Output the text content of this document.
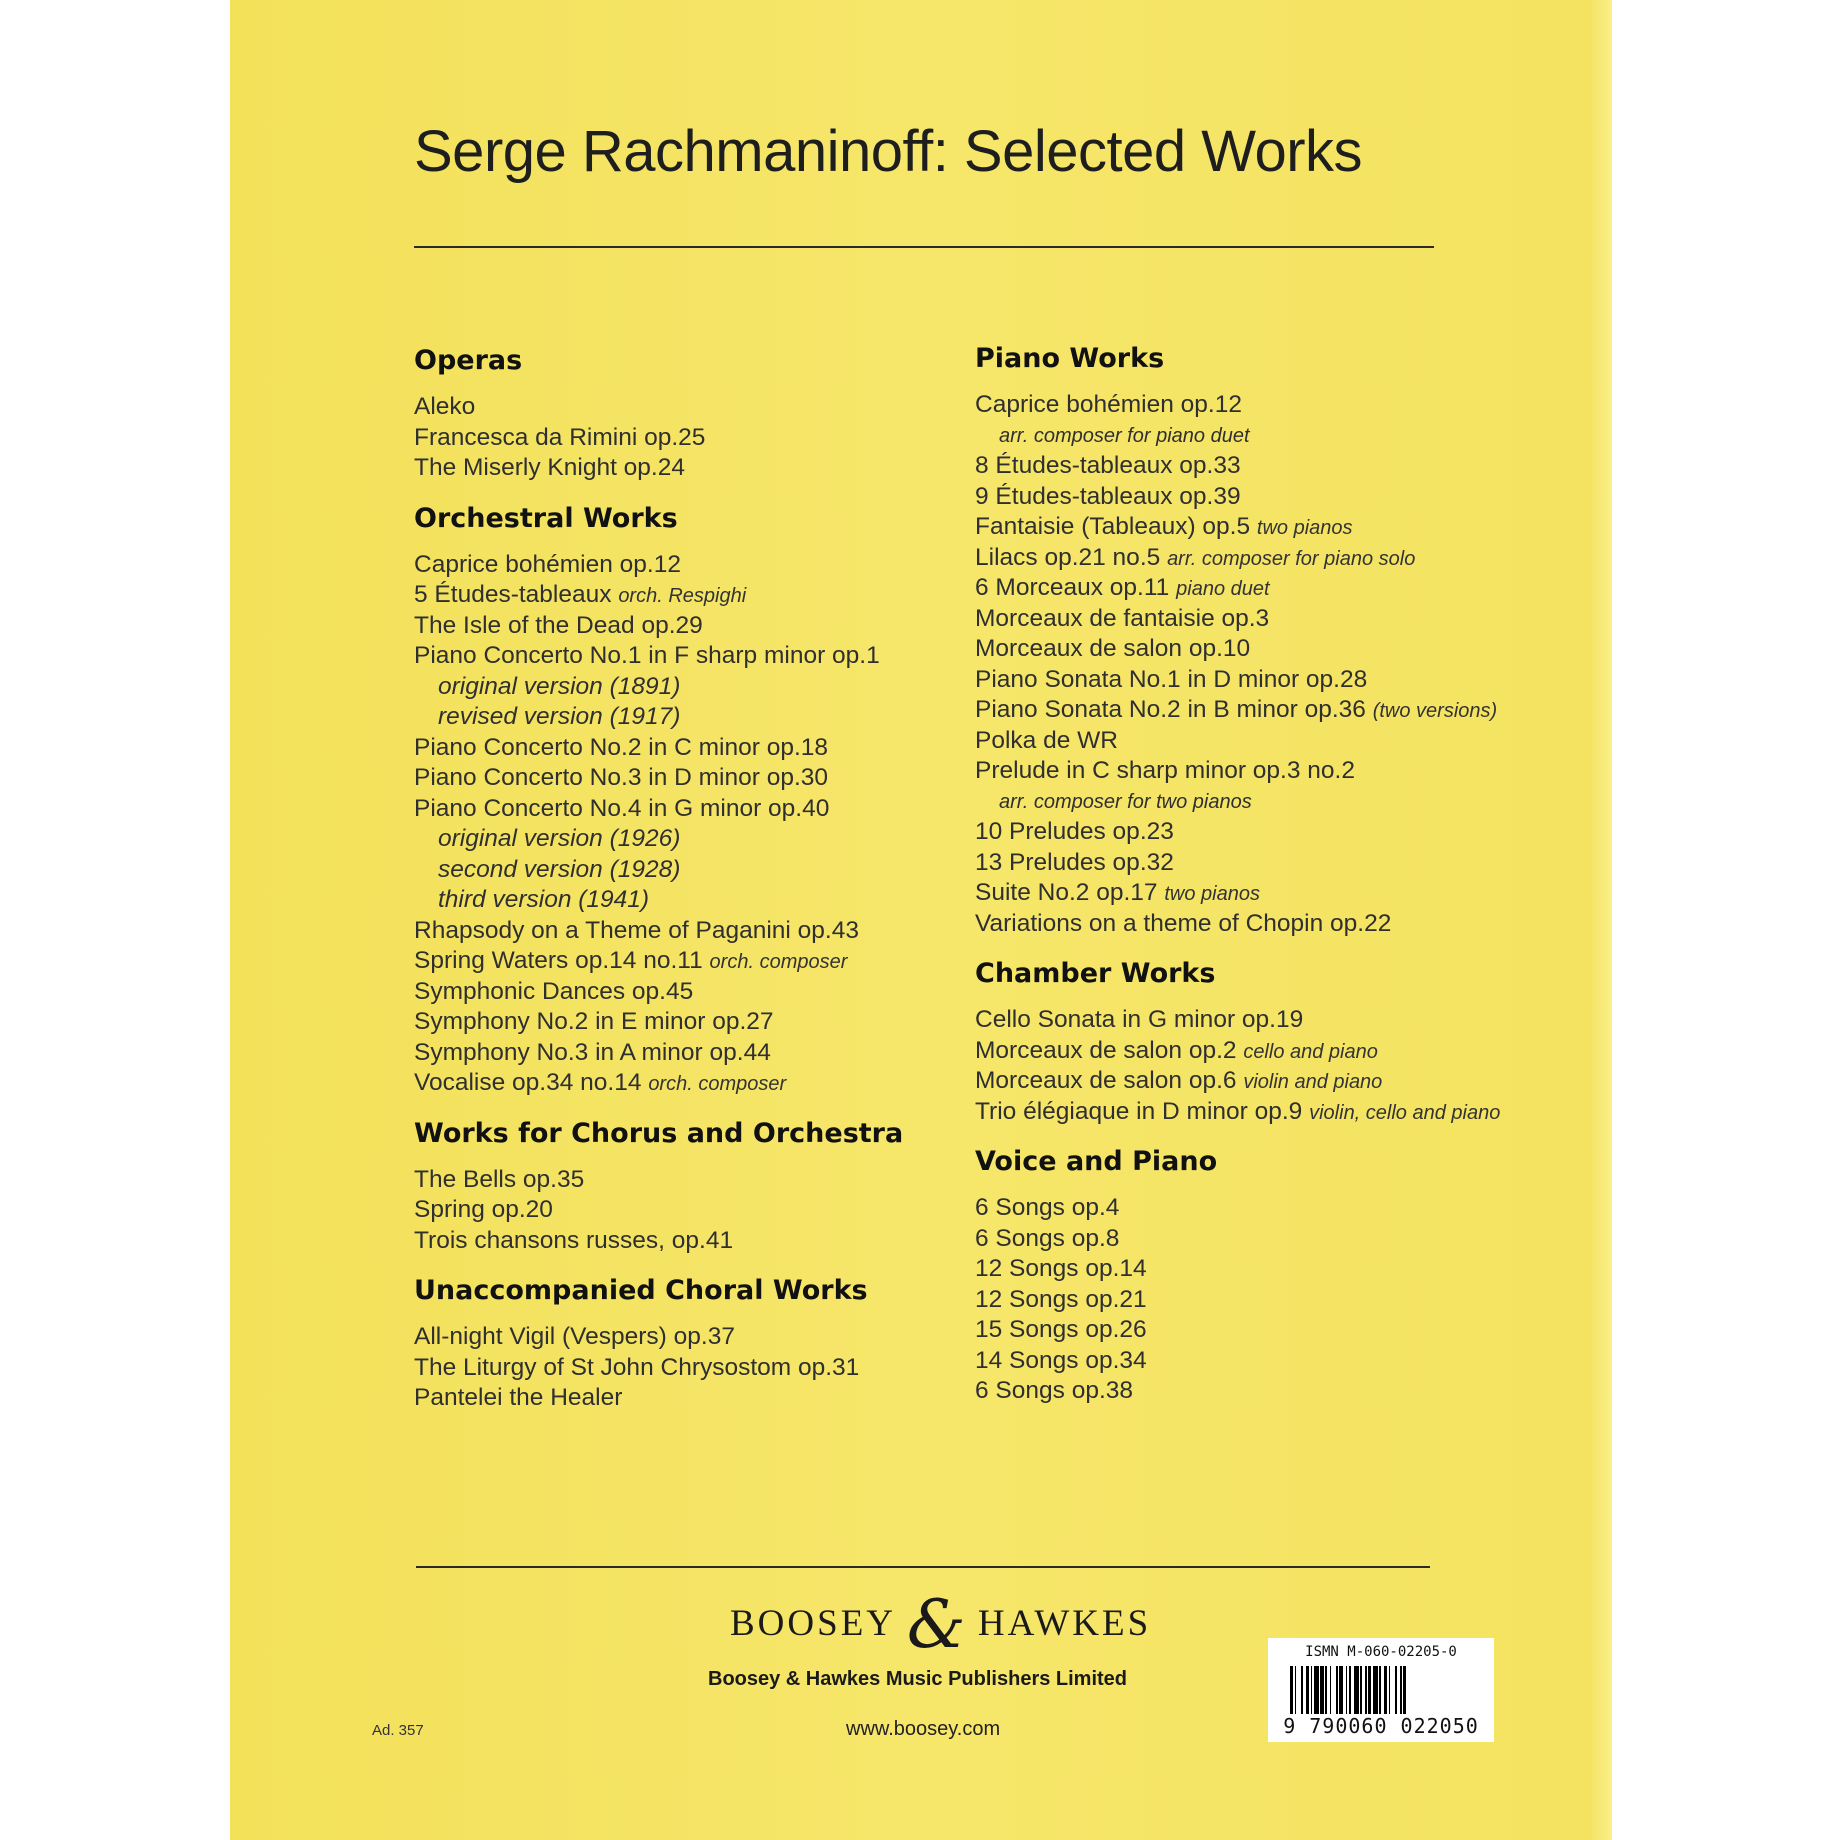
Serge Rachmaninoff: Selected Works
Operas
Aleko
Francesca da Rimini op.25
The Miserly Knight op.24
Orchestral Works
Caprice bohémien op.12
5 Études-tableaux orch. Respighi
The Isle of the Dead op.29
Piano Concerto No.1 in F sharp minor op.1
original version (1891)
revised version (1917)
Piano Concerto No.2 in C minor op.18
Piano Concerto No.3 in D minor op.30
Piano Concerto No.4 in G minor op.40
original version (1926)
second version (1928)
third version (1941)
Rhapsody on a Theme of Paganini op.43
Spring Waters op.14 no.11 orch. composer
Symphonic Dances op.45
Symphony No.2 in E minor op.27
Symphony No.3 in A minor op.44
Vocalise op.34 no.14 orch. composer
Works for Chorus and Orchestra
The Bells op.35
Spring op.20
Trois chansons russes, op.41
Unaccompanied Choral Works
All-night Vigil (Vespers) op.37
The Liturgy of St John Chrysostom op.31
Pantelei the Healer
Piano Works
Caprice bohémien op.12
arr. composer for piano duet
8 Études-tableaux op.33
9 Études-tableaux op.39
Fantaisie (Tableaux) op.5 two pianos
Lilacs op.21 no.5 arr. composer for piano solo
6 Morceaux op.11 piano duet
Morceaux de fantaisie op.3
Morceaux de salon op.10
Piano Sonata No.1 in D minor op.28
Piano Sonata No.2 in B minor op.36 (two versions)
Polka de WR
Prelude in C sharp minor op.3 no.2
arr. composer for two pianos
10 Preludes op.23
13 Preludes op.32
Suite No.2 op.17 two pianos
Variations on a theme of Chopin op.22
Chamber Works
Cello Sonata in G minor op.19
Morceaux de salon op.2 cello and piano
Morceaux de salon op.6 violin and piano
Trio élégiaque in D minor op.9 violin, cello and piano
Voice and Piano
6 Songs op.4
6 Songs op.8
12 Songs op.14
12 Songs op.21
15 Songs op.26
14 Songs op.34
6 Songs op.38
BOOSEY & HAWKES
Boosey & Hawkes Music Publishers Limited
Ad. 357	www.boosey.com
ISMN M-060-02205-0
9 790060 022050
